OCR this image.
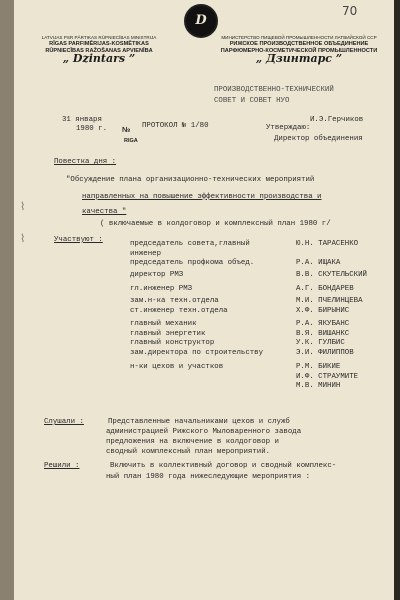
70
D
LATVIJAS PSR PĀRTIKAS RŪPNIECĪBAS MINISTRIJA
RĪGAS PARFIMĒRIJAS-KOSMĒTIKAS
RŪPNIECĪBAS RAŽOŠANAS APVIENĪBA
„ Dzintars ”
МИНИСТЕРСТВО ПИЩЕВОЙ ПРОМЫШЛЕННОСТИ ЛАТВИЙСКОЙ ССР
РИЖСКОЕ ПРОИЗВОДСТВЕННОЕ ОБЪЕДИНЕНИЕ
ПАРФЮМЕРНО-КОСМЕТИЧЕСКОЙ ПРОМЫШЛЕННОСТИ
„ Дзинтарс ”
ПРОИЗВОДСТВЕННО-ТЕХНИЧЕСКИЙ
СОВЕТ И СОВЕТ НУО
31 января
1980 г. № ПРОТОКОЛ № 1/80
RIGA
Утверждаю:
И.Э.Герчиков
Директор объединения
Повестка дня :
"Обсуждение плана организационно-технических мероприятий
направленных на повышение эффективности производства и
качества "
( включаемые в колдоговор и комплексный план 1980 г/
Участвуют :	председатель совета,главный	Ю.Н. ТАРАСЕНКО
инженер
председатель профкома объед.	Р.А. ИЩАКА
директор РМЗ	В.В. СКУТЕЛЬСКИЙ
гл.инженер РМЗ	А.Г. БОНДАРЕВ
зам.н-ка техн.отдела	М.И. ПЧЕЛИНЦЕВА
ст.инженер техн.отдела	Х.Ф. БИРЫНИС
главный механик	Р.А. ЯКУБАНС
главный энергетик	В.Я. ВИШАНКС
главный конструктор	У.К. ГУЛБИС
зам.директора по строительству	Э.И. ФИЛИППОВ
н-ки цехов и участков	Р.М. БИКИЕ
И.Ф. СТРАУМИТЕ
М.В. МИНИН
Слушали :	Представленные начальниками цехов и служб
администрацией Рижского Мыловаренного завода
предложения на включение в колдоговор и
сводный комплексный план мероприятий.
Решили :	Включить в коллективный договор и сводный комплекс-
ный план 1980 года нижеследующие мероприятия :
⌇
⌇
